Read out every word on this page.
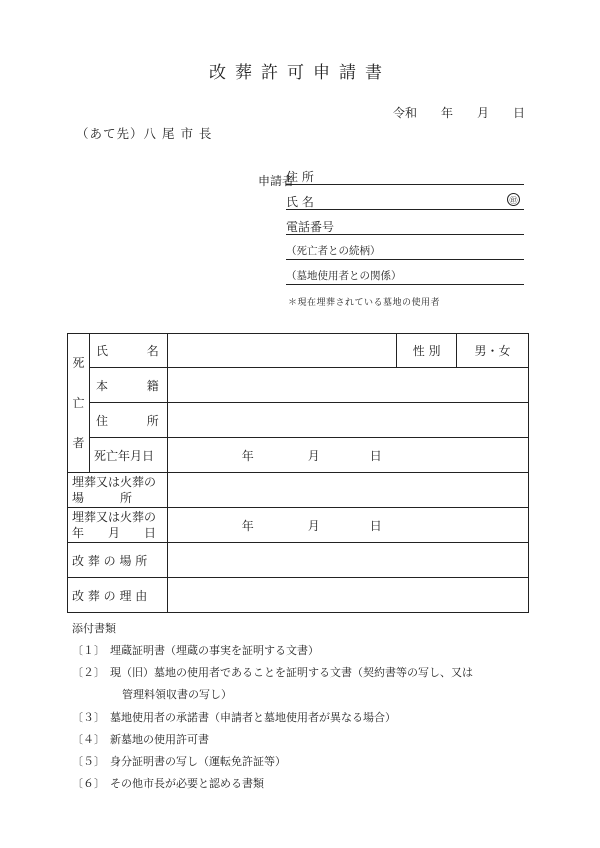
改葬許可申請書
令和	年	月	日
（あて先）八 尾 市 長
申請者
住 所
氏 名	㊞
電話番号
（死亡者との続柄）
（墓地使用者との関係）
＊現在埋葬されている墓地の使用者
死
亡
者	氏 名		性 別	男・女

	本 籍			

	住 所			

	死亡年月日	年 月 日		

埋葬又は火葬の
場　　　所				
埋葬又は火葬の
年　　月　　日		年 月 日		

改 葬 の 場 所				
改 葬 の 理 由				
添付書類
〔１〕 埋蔵証明書（埋蔵の事実を証明する文書）
〔２〕 現（旧）墓地の使用者であることを証明する文書（契約書等の写し、又は
管理料領収書の写し）
〔３〕 墓地使用者の承諾書（申請者と墓地使用者が異なる場合）
〔４〕 新墓地の使用許可書
〔５〕 身分証明書の写し（運転免許証等）
〔６〕 その他市長が必要と認める書類
